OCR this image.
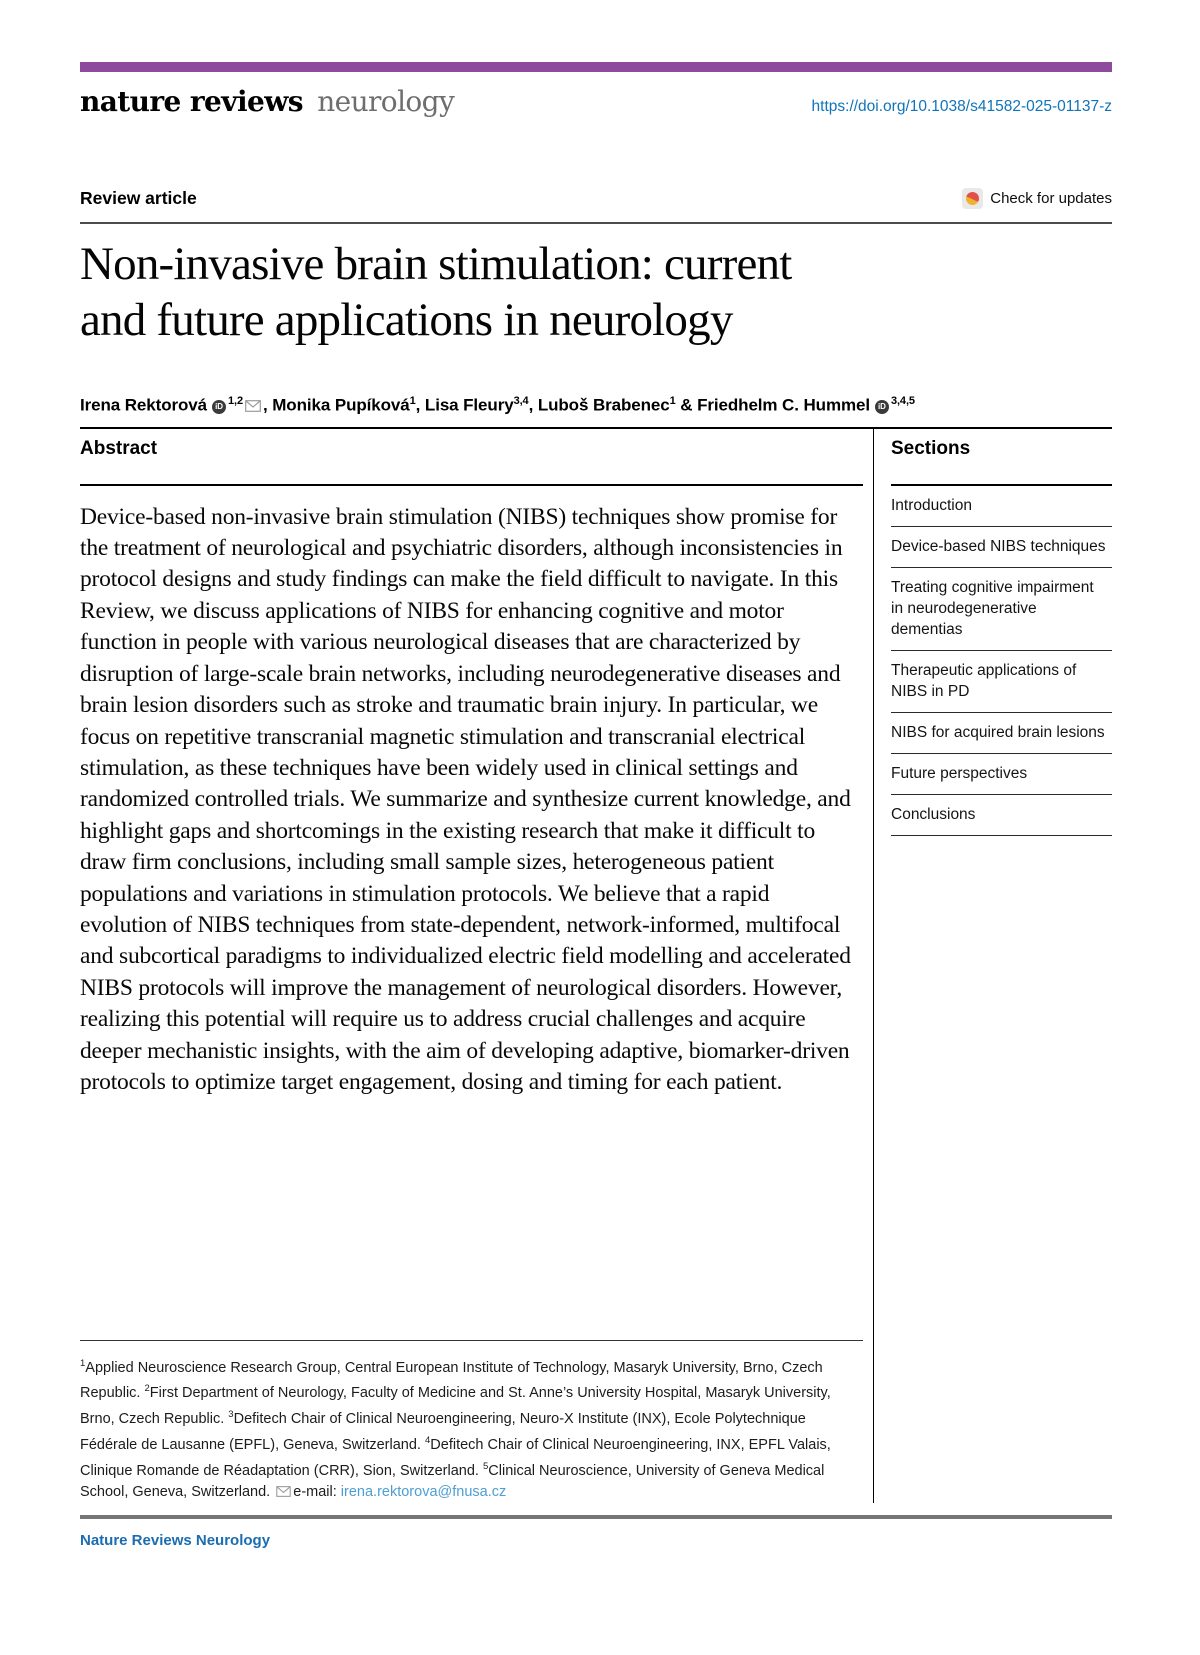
nature reviews neurology	https://doi.org/10.1038/s41582-025-01137-z
Review article	Check for updates
Non-invasive brain stimulation: current
and future applications in neurology
Irena Rektorová iD $^{1,2}$ , Monika Pupíková$^1$, Lisa Fleury$^{3,4}$, Luboš Brabenec$^1$ & Friedhelm C. Hummel iD $^{3,4,5}$
Abstract
Device-based non-invasive brain stimulation (NIBS) techniques show promise for the treatment of neurological and psychiatric disorders, although inconsistencies in protocol designs and study findings can make the field difficult to navigate. In this Review, we discuss applications of NIBS for enhancing cognitive and motor function in people with various neurological diseases that are characterized by disruption of large-scale brain networks, including neurodegenerative diseases and brain lesion disorders such as stroke and traumatic brain injury. In particular, we focus on repetitive transcranial magnetic stimulation and transcranial electrical stimulation, as these techniques have been widely used in clinical settings and randomized controlled trials. We summarize and synthesize current knowledge, and highlight gaps and shortcomings in the existing research that make it difficult to draw firm conclusions, including small sample sizes, heterogeneous patient populations and variations in stimulation protocols. We believe that a rapid evolution of NIBS techniques from state-dependent, network-informed, multifocal and subcortical paradigms to individualized electric field modelling and accelerated NIBS protocols will improve the management of neurological disorders. However, realizing this potential will require us to address crucial challenges and acquire deeper mechanistic insights, with the aim of developing adaptive, biomarker-driven protocols to optimize target engagement, dosing and timing for each patient.
$^1$Applied Neuroscience Research Group, Central European Institute of Technology, Masaryk University, Brno, Czech Republic. $^2$First Department of Neurology, Faculty of Medicine and St. Anne’s University Hospital, Masaryk University, Brno, Czech Republic. $^3$Defitech Chair of Clinical Neuroengineering, Neuro-X Institute (INX), Ecole Polytechnique Fédérale de Lausanne (EPFL), Geneva, Switzerland. $^4$Defitech Chair of Clinical Neuroengineering, INX, EPFL Valais, Clinique Romande de Réadaptation (CRR), Sion, Switzerland. $^5$Clinical Neuroscience, University of Geneva Medical School, Geneva, Switzerland. e-mail: irena.rektorova@fnusa.cz
Sections
Introduction
Device-based NIBS techniques
Treating cognitive impairment in neurodegenerative dementias
Therapeutic applications of NIBS in PD
NIBS for acquired brain lesions
Future perspectives
Conclusions
Nature Reviews Neurology
